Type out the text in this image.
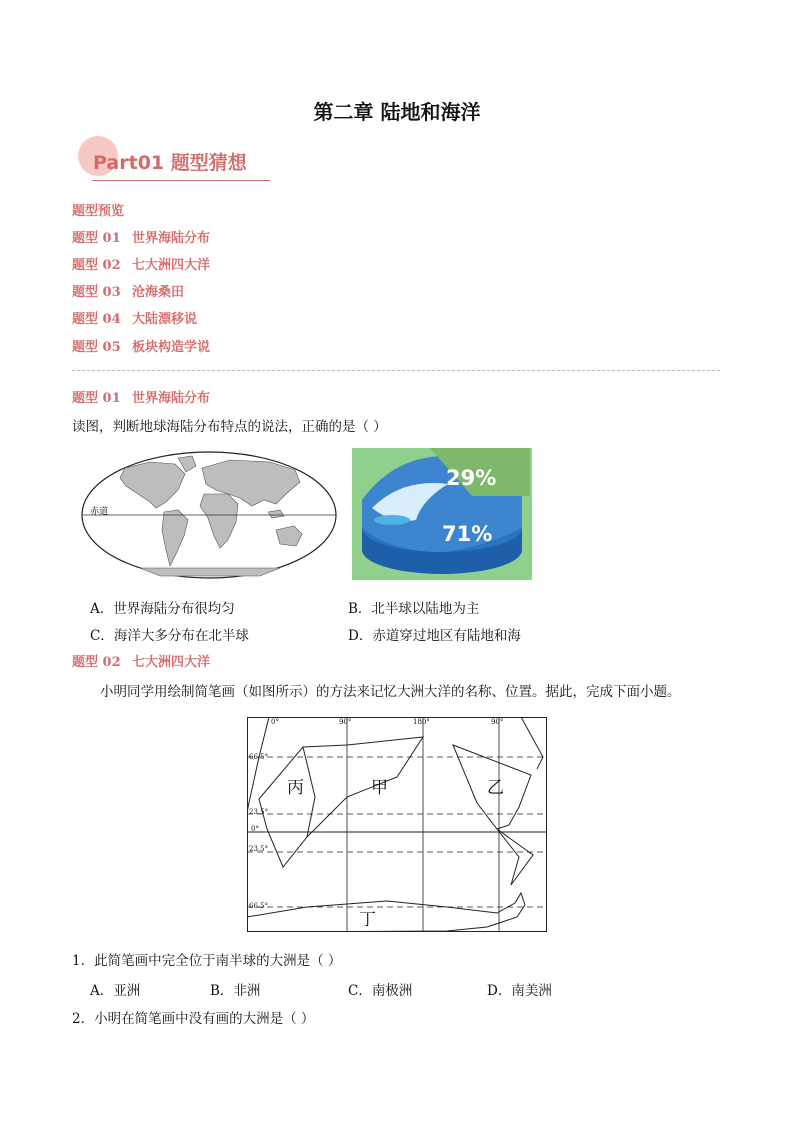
第二章 陆地和海洋
Part01 题型猜想
题型预览
题型 01 世界海陆分布
题型 02 七大洲四大洋
题型 03 沧海桑田
题型 04 大陆漂移说
题型 05 板块构造学说
题型 01 世界海陆分布
读图，判断地球海陆分布特点的说法，正确的是（ ）
赤道
29%
71%
A．世界海陆分布很均匀	B．北半球以陆地为主
C．海洋大多分布在北半球	D．赤道穿过地区有陆地和海
题型 02 七大洲四大洋
小明同学用绘制简笔画（如图所示）的方法来记忆大洲大洋的名称、位置。据此，完成下面小题。
0°	90°	180°	90°
66.5°
23.5°
0°
23.5°
66.5°
丙	甲	乙
丁
1．此简笔画中完全位于南半球的大洲是（ ）
A．亚洲	B．非洲	C．南极洲	D．南美洲
2．小明在简笔画中没有画的大洲是（ ）
